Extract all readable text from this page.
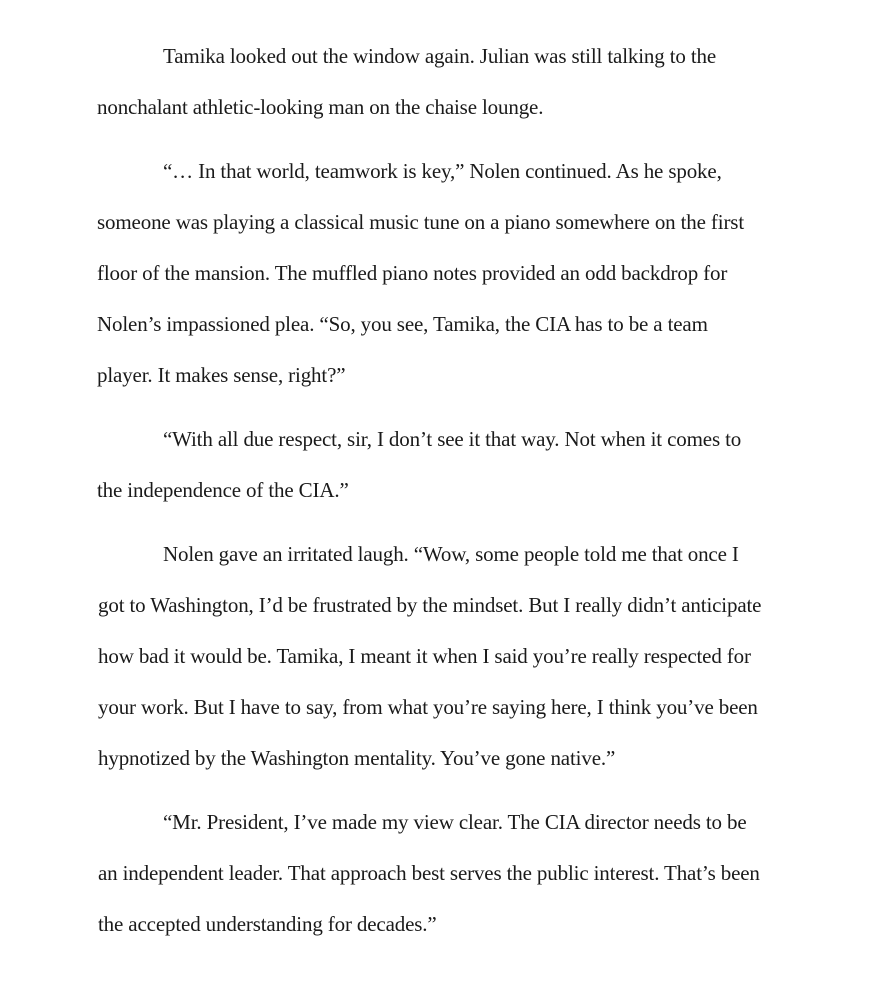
Tamika looked out the window again. Julian was still talking to the
nonchalant athletic-looking man on the chaise lounge.
“… In that world, teamwork is key,” Nolen continued. As he spoke,
someone was playing a classical music tune on a piano somewhere on the first
floor of the mansion. The muffled piano notes provided an odd backdrop for
Nolen’s impassioned plea. “So, you see, Tamika, the CIA has to be a team
player. It makes sense, right?”
“With all due respect, sir, I don’t see it that way. Not when it comes to
the independence of the CIA.”
Nolen gave an irritated laugh. “Wow, some people told me that once I
got to Washington, I’d be frustrated by the mindset. But I really didn’t anticipate
how bad it would be. Tamika, I meant it when I said you’re really respected for
your work. But I have to say, from what you’re saying here, I think you’ve been
hypnotized by the Washington mentality. You’ve gone native.”
“Mr. President, I’ve made my view clear. The CIA director needs to be
an independent leader. That approach best serves the public interest. That’s been
the accepted understanding for decades.”
